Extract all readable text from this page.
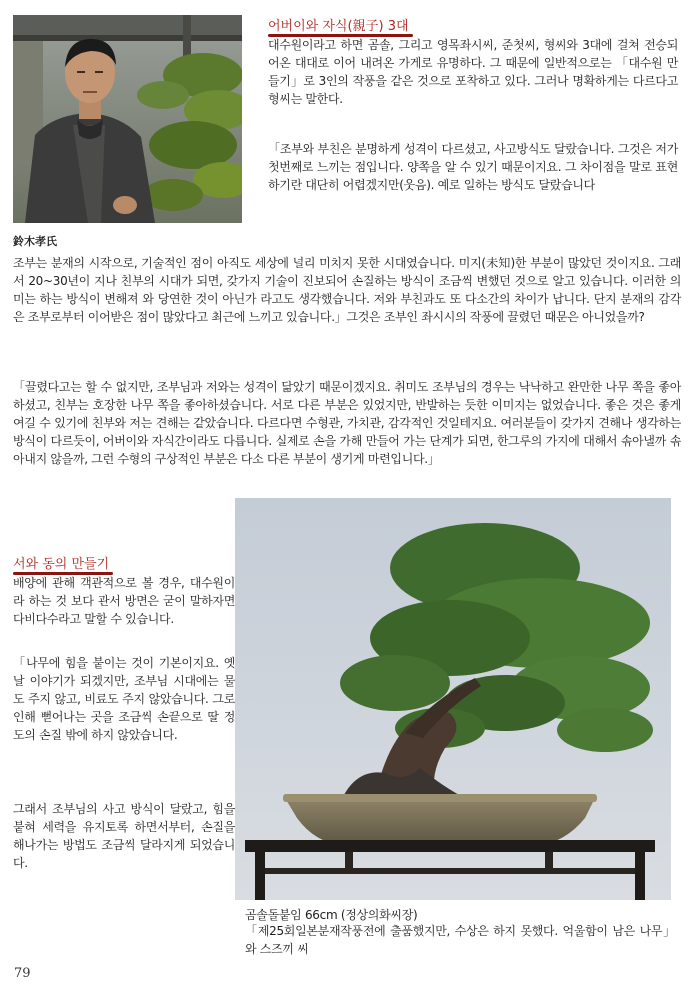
鈴木孝氏
어버이와 자식(親子) 3대

대수원이라고 하면 곰솔, 그리고 영목좌시씨, 준첫씨, 형씨와 3대에 걸쳐 전승되어온 대대로 이어 내려온 가게로 유명하다. 그 때문에 일반적으로는 「대수원 만들기」로 3인의 작풍을 같은 것으로 포착하고 있다. 그러나 명확하게는 다르다고 형씨는 말한다.

「조부와 부친은 분명하게 성격이 다르셨고, 사고방식도 달랐습니다. 그것은 저가 첫번째로 느끼는 점입니다. 양쪽을 알 수 있기 때문이지요. 그 차이점을 말로 표현하기란 대단히 어렵겠지만(웃음). 예로 일하는 방식도 달랐습니다

조부는 분재의 시작으로, 기술적인 점이 아직도 세상에 널리 미치지 못한 시대였습니다. 미지(未知)한 부분이 많았던 것이지요. 그래서 20~30년이 지나 친부의 시대가 되면, 갖가지 기술이 진보되어 손질하는 방식이 조금씩 변했던 것으로 알고 있습니다. 이러한 의미는 하는 방식이 변해져 와 당연한 것이 아닌가 라고도 생각했습니다. 저와 부친과도 또 다소간의 차이가 납니다. 단지 분재의 감각은 조부로부터 이어받은 점이 많았다고 최근에 느끼고 있습니다.」그것은 조부인 좌시시의 작풍에 끌렸던 때문은 아니었을까?

「끌렸다고는 할 수 없지만, 조부님과 저와는 성격이 닮았기 때문이겠지요. 취미도 조부님의 경우는 낙낙하고 완만한 나무 쪽을 좋아하셨고, 친부는 호장한 나무 쪽을 좋아하셨습니다. 서로 다른 부분은 있었지만, 반발하는 듯한 이미지는 없었습니다. 좋은 것은 좋게 여길 수 있기에 친부와 저는 견해는 같았습니다. 다르다면 수형관, 가치관, 감각적인 것일테지요. 여러분들이 갖가지 견해나 생각하는 방식이 다르듯이, 어버이와 자식간이라도 다릅니다. 실제로 손을 가해 만들어 가는 단계가 되면, 한그루의 가지에 대해서 솎아낼까 솎아내지 않을까, 그런 수형의 구상적인 부분은 다소 다른 부분이 생기게 마련입니다.」

서와 동의 만들기

배양에 관해 객관적으로 볼 경우, 대수원이라 하는 것 보다 관서 방면은 굳이 말하자면 다비다수라고 말할 수 있습니다.

「나무에 힘을 붙이는 것이 기본이지요. 옛날 이야기가 되겠지만, 조부님 시대에는 물도 주지 않고, 비료도 주지 않았습니다. 그로 인해 뻗어나는 곳을 조금씩 손끝으로 딸 정도의 손질 밖에 하지 않았습니다.

그래서 조부님의 사고 방식이 달랐고, 힘을 붙혀 세력을 유지토록 하면서부터, 손질을 해나가는 방법도 조금씩 달라지게 되었습니다.

곰솔돌붙임 66cm (정상의화씨장)

「제25회일본분재작풍전에 출품했지만, 수상은 하지 못했다. 억울함이 남은 나무」와 스즈끼 씨

79
